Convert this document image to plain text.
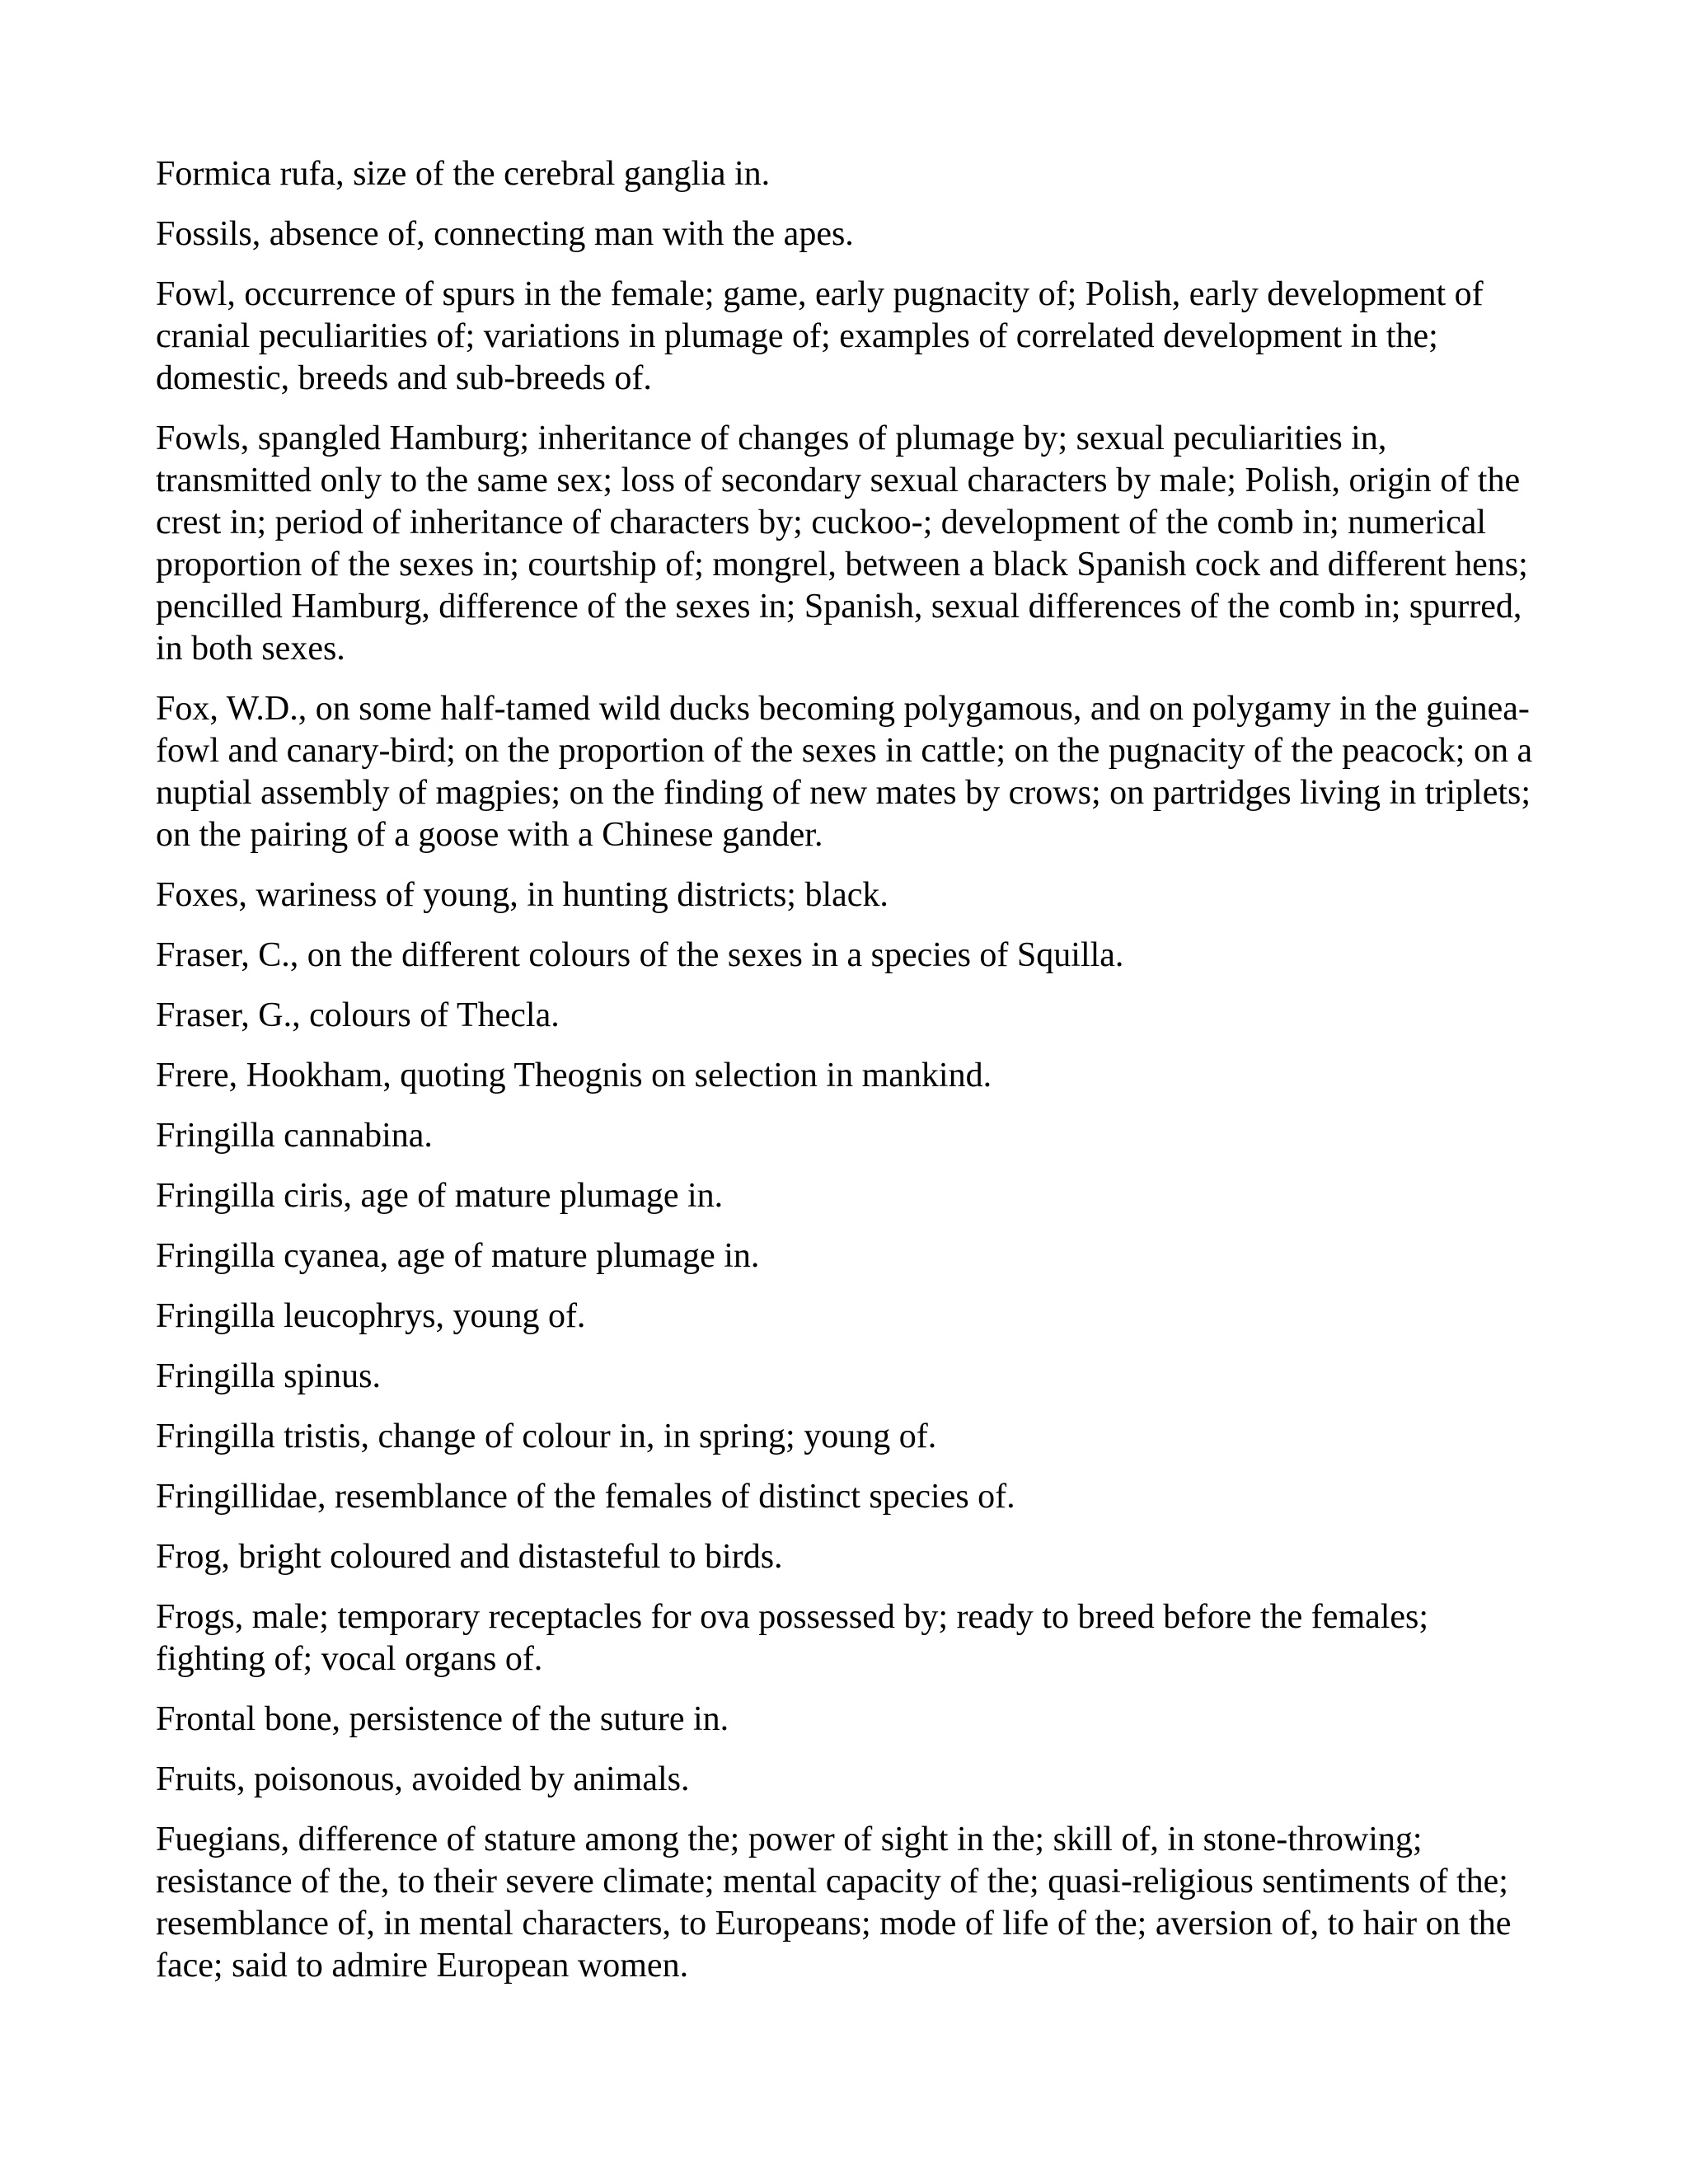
Formica rufa, size of the cerebral ganglia in.
Fossils, absence of, connecting man with the apes.
Fowl, occurrence of spurs in the female; game, early pugnacity of; Polish, early development of cranial peculiarities of; variations in plumage of; examples of correlated development in the; domestic, breeds and sub-breeds of.
Fowls, spangled Hamburg; inheritance of changes of plumage by; sexual peculiarities in, transmitted only to the same sex; loss of secondary sexual characters by male; Polish, origin of the crest in; period of inheritance of characters by; cuckoo-; development of the comb in; numerical proportion of the sexes in; courtship of; mongrel, between a black Spanish cock and different hens; pencilled Hamburg, difference of the sexes in; Spanish, sexual differences of the comb in; spurred, in both sexes.
Fox, W.D., on some half-tamed wild ducks becoming polygamous, and on polygamy in the guinea-fowl and canary-bird; on the proportion of the sexes in cattle; on the pugnacity of the peacock; on a nuptial assembly of magpies; on the finding of new mates by crows; on partridges living in triplets; on the pairing of a goose with a Chinese gander.
Foxes, wariness of young, in hunting districts; black.
Fraser, C., on the different colours of the sexes in a species of Squilla.
Fraser, G., colours of Thecla.
Frere, Hookham, quoting Theognis on selection in mankind.
Fringilla cannabina.
Fringilla ciris, age of mature plumage in.
Fringilla cyanea, age of mature plumage in.
Fringilla leucophrys, young of.
Fringilla spinus.
Fringilla tristis, change of colour in, in spring; young of.
Fringillidae, resemblance of the females of distinct species of.
Frog, bright coloured and distasteful to birds.
Frogs, male; temporary receptacles for ova possessed by; ready to breed before the females; fighting of; vocal organs of.
Frontal bone, persistence of the suture in.
Fruits, poisonous, avoided by animals.
Fuegians, difference of stature among the; power of sight in the; skill of, in stone-throwing; resistance of the, to their severe climate; mental capacity of the; quasi-religious sentiments of the; resemblance of, in mental characters, to Europeans; mode of life of the; aversion of, to hair on the face; said to admire European women.
